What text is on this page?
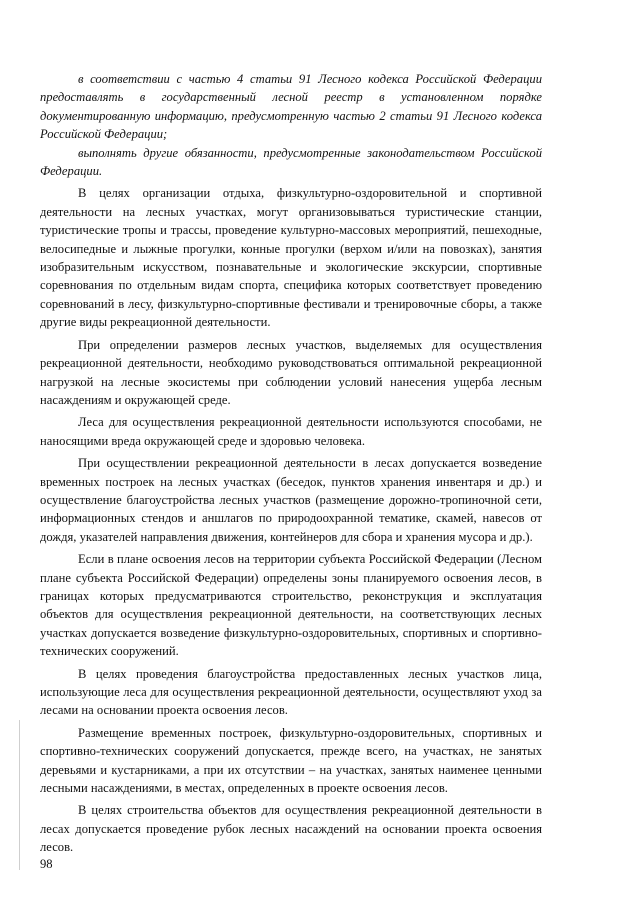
в соответствии с частью 4 статьи 91 Лесного кодекса Российской Федерации предоставлять в государственный лесной реестр в установленном порядке документированную информацию, предусмотренную частью 2 статьи 91 Лесного кодекса Российской Федерации;

выполнять другие обязанности, предусмотренные законодательством Российской Федерации.

В целях организации отдыха, физкультурно-оздоровительной и спортивной деятельности на лесных участках, могут организовываться туристические станции, туристические тропы и трассы, проведение культурно-массовых мероприятий, пешеходные, велосипедные и лыжные прогулки, конные прогулки (верхом и/или на повозках), занятия изобразительным искусством, познавательные и экологические экскурсии, спортивные соревнования по отдельным видам спорта, специфика которых соответствует проведению соревнований в лесу, физкультурно-спортивные фестивали и тренировочные сборы, а также другие виды рекреационной деятельности.

При определении размеров лесных участков, выделяемых для осуществления рекреационной деятельности, необходимо руководствоваться оптимальной рекреационной нагрузкой на лесные экосистемы при соблюдении условий нанесения ущерба лесным насаждениям и окружающей среде.

Леса для осуществления рекреационной деятельности используются способами, не наносящими вреда окружающей среде и здоровью человека.

При осуществлении рекреационной деятельности в лесах допускается возведение временных построек на лесных участках (беседок, пунктов хранения инвентаря и др.) и осуществление благоустройства лесных участков (размещение дорожно-тропиночной сети, информационных стендов и аншлагов по природоохранной тематике, скамей, навесов от дождя, указателей направления движения, контейнеров для сбора и хранения мусора и др.).

Если в плане освоения лесов на территории субъекта Российской Федерации (Лесном плане субъекта Российской Федерации) определены зоны планируемого освоения лесов, в границах которых предусматриваются строительство, реконструкция и эксплуатация объектов для осуществления рекреационной деятельности, на соответствующих лесных участках допускается возведение физкультурно-оздоровительных, спортивных и спортивно-технических сооружений.

В целях проведения благоустройства предоставленных лесных участков лица, использующие леса для осуществления рекреационной деятельности, осуществляют уход за лесами на основании проекта освоения лесов.

Размещение временных построек, физкультурно-оздоровительных, спортивных и спортивно-технических сооружений допускается, прежде всего, на участках, не занятых деревьями и кустарниками, а при их отсутствии – на участках, занятых наименее ценными лесными насаждениями, в местах, определенных в проекте освоения лесов.

В целях строительства объектов для осуществления рекреационной деятельности в лесах допускается проведение рубок лесных насаждений на основании проекта освоения лесов.

98
